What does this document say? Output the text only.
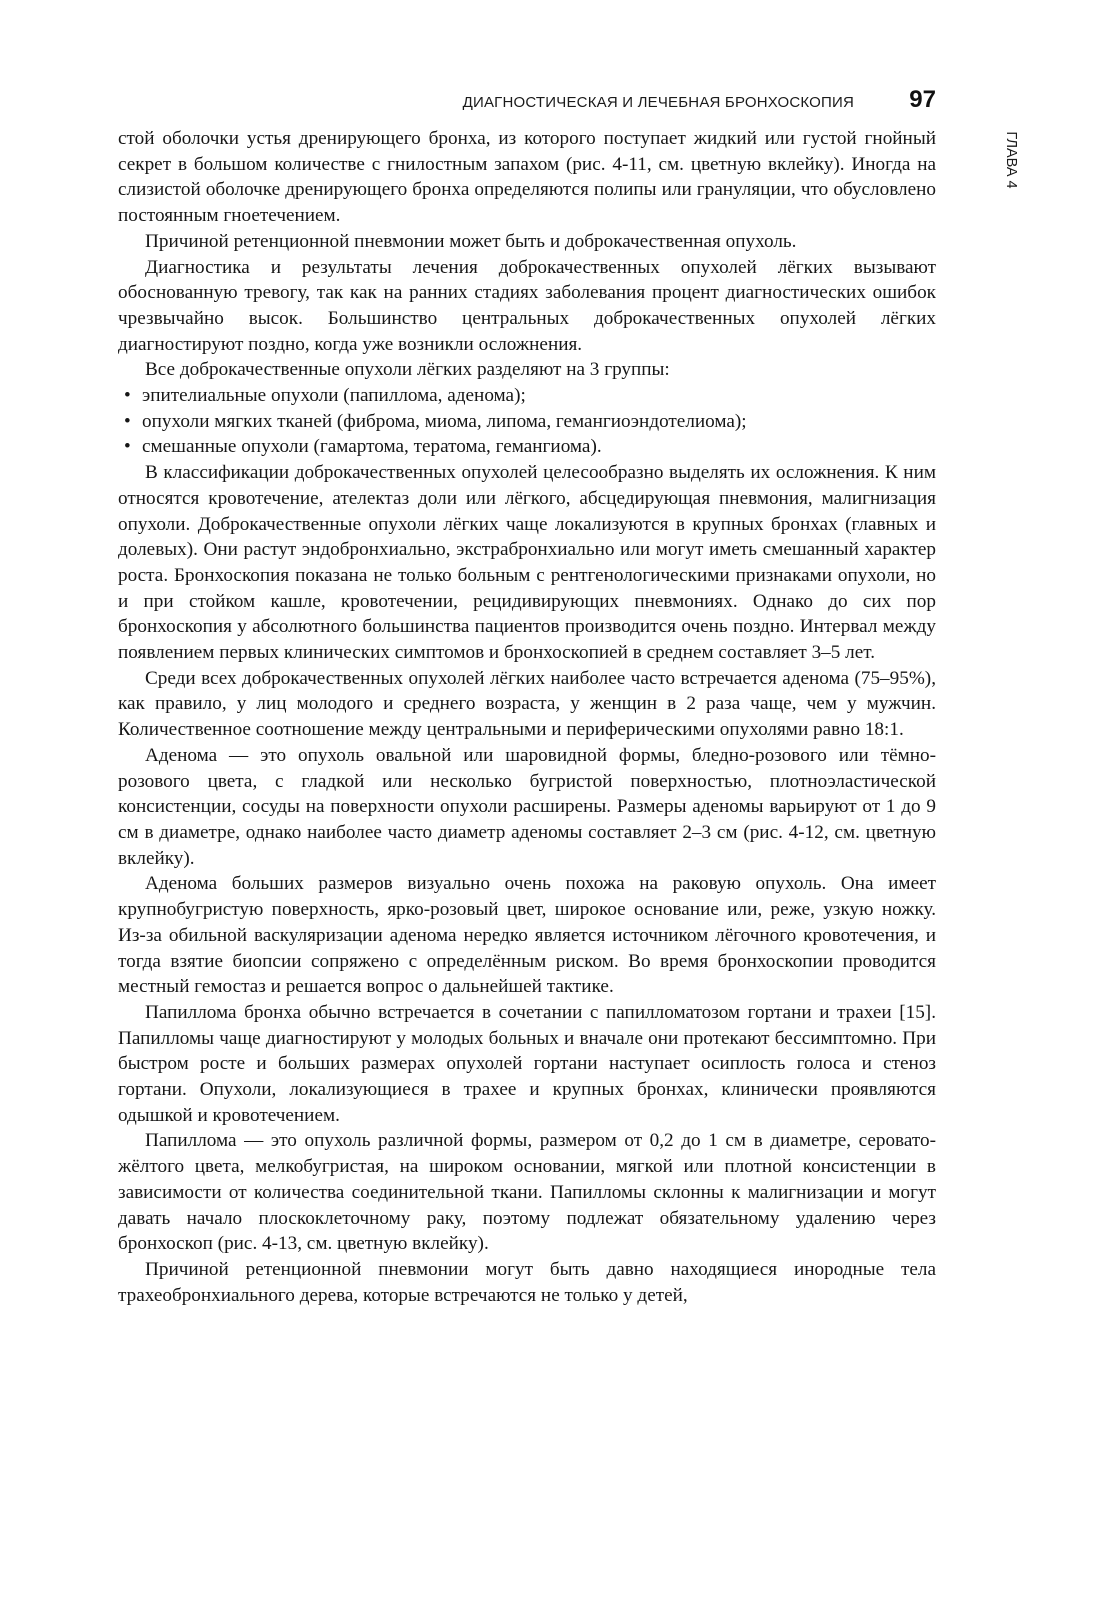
ДИАГНОСТИЧЕСКАЯ И ЛЕЧЕБНАЯ БРОНХОСКОПИЯ 97
ГЛАВА 4

стой оболочки устья дренирующего бронха, из которого поступает жидкий или густой гнойный секрет в большом количестве с гнилостным запахом (рис. 4-11, см. цветную вклейку). Иногда на слизистой оболочке дренирующего бронха определяются полипы или грануляции, что обусловлено постоянным гноетечением.

Причиной ретенционной пневмонии может быть и доброкачественная опухоль.

Диагностика и результаты лечения доброкачественных опухолей лёгких вызывают обоснованную тревогу, так как на ранних стадиях заболевания процент диагностических ошибок чрезвычайно высок. Большинство центральных доброкачественных опухолей лёгких диагностируют поздно, когда уже возникли осложнения.

Все доброкачественные опухоли лёгких разделяют на 3 группы:

• эпителиальные опухоли (папиллома, аденома);
• опухоли мягких тканей (фиброма, миома, липома, гемангиоэндотелиома);
• смешанные опухоли (гамартома, тератома, гемангиома).

В классификации доброкачественных опухолей целесообразно выделять их осложнения. К ним относятся кровотечение, ателектаз доли или лёгкого, абсцедирующая пневмония, малигнизация опухоли. Доброкачественные опухоли лёгких чаще локализуются в крупных бронхах (главных и долевых). Они растут эндобронхиально, экстрабронхиально или могут иметь смешанный характер роста. Бронхоскопия показана не только больным с рентгенологическими признаками опухоли, но и при стойком кашле, кровотечении, рецидивирующих пневмониях. Однако до сих пор бронхоскопия у абсолютного большинства пациентов производится очень поздно. Интервал между появлением первых клинических симптомов и бронхоскопией в среднем составляет 3–5 лет.

Среди всех доброкачественных опухолей лёгких наиболее часто встречается аденома (75–95%), как правило, у лиц молодого и среднего возраста, у женщин в 2 раза чаще, чем у мужчин. Количественное соотношение между центральными и периферическими опухолями равно 18:1.

Аденома — это опухоль овальной или шаровидной формы, бледно-розового или тёмно-розового цвета, с гладкой или несколько бугристой поверхностью, плотноэластической консистенции, сосуды на поверхности опухоли расширены. Размеры аденомы варьируют от 1 до 9 см в диаметре, однако наиболее часто диаметр аденомы составляет 2–3 см (рис. 4-12, см. цветную вклейку).

Аденома больших размеров визуально очень похожа на раковую опухоль. Она имеет крупнобугристую поверхность, ярко-розовый цвет, широкое основание или, реже, узкую ножку. Из-за обильной васкуляризации аденома нередко является источником лёгочного кровотечения, и тогда взятие биопсии сопряжено с определённым риском. Во время бронхоскопии проводится местный гемостаз и решается вопрос о дальнейшей тактике.

Папиллома бронха обычно встречается в сочетании с папилломатозом гортани и трахеи [15]. Папилломы чаще диагностируют у молодых больных и вначале они протекают бессимптомно. При быстром росте и больших размерах опухолей гортани наступает осиплость голоса и стеноз гортани. Опухоли, локализующиеся в трахее и крупных бронхах, клинически проявляются одышкой и кровотечением.

Папиллома — это опухоль различной формы, размером от 0,2 до 1 см в диаметре, серовато-жёлтого цвета, мелкобугристая, на широком основании, мягкой или плотной консистенции в зависимости от количества соединительной ткани. Папилломы склонны к малигнизации и могут давать начало плоскоклеточному раку, поэтому подлежат обязательному удалению через бронхоскоп (рис. 4-13, см. цветную вклейку).

Причиной ретенционной пневмонии могут быть давно находящиеся инородные тела трахеобронхиального дерева, которые встречаются не только у детей,
